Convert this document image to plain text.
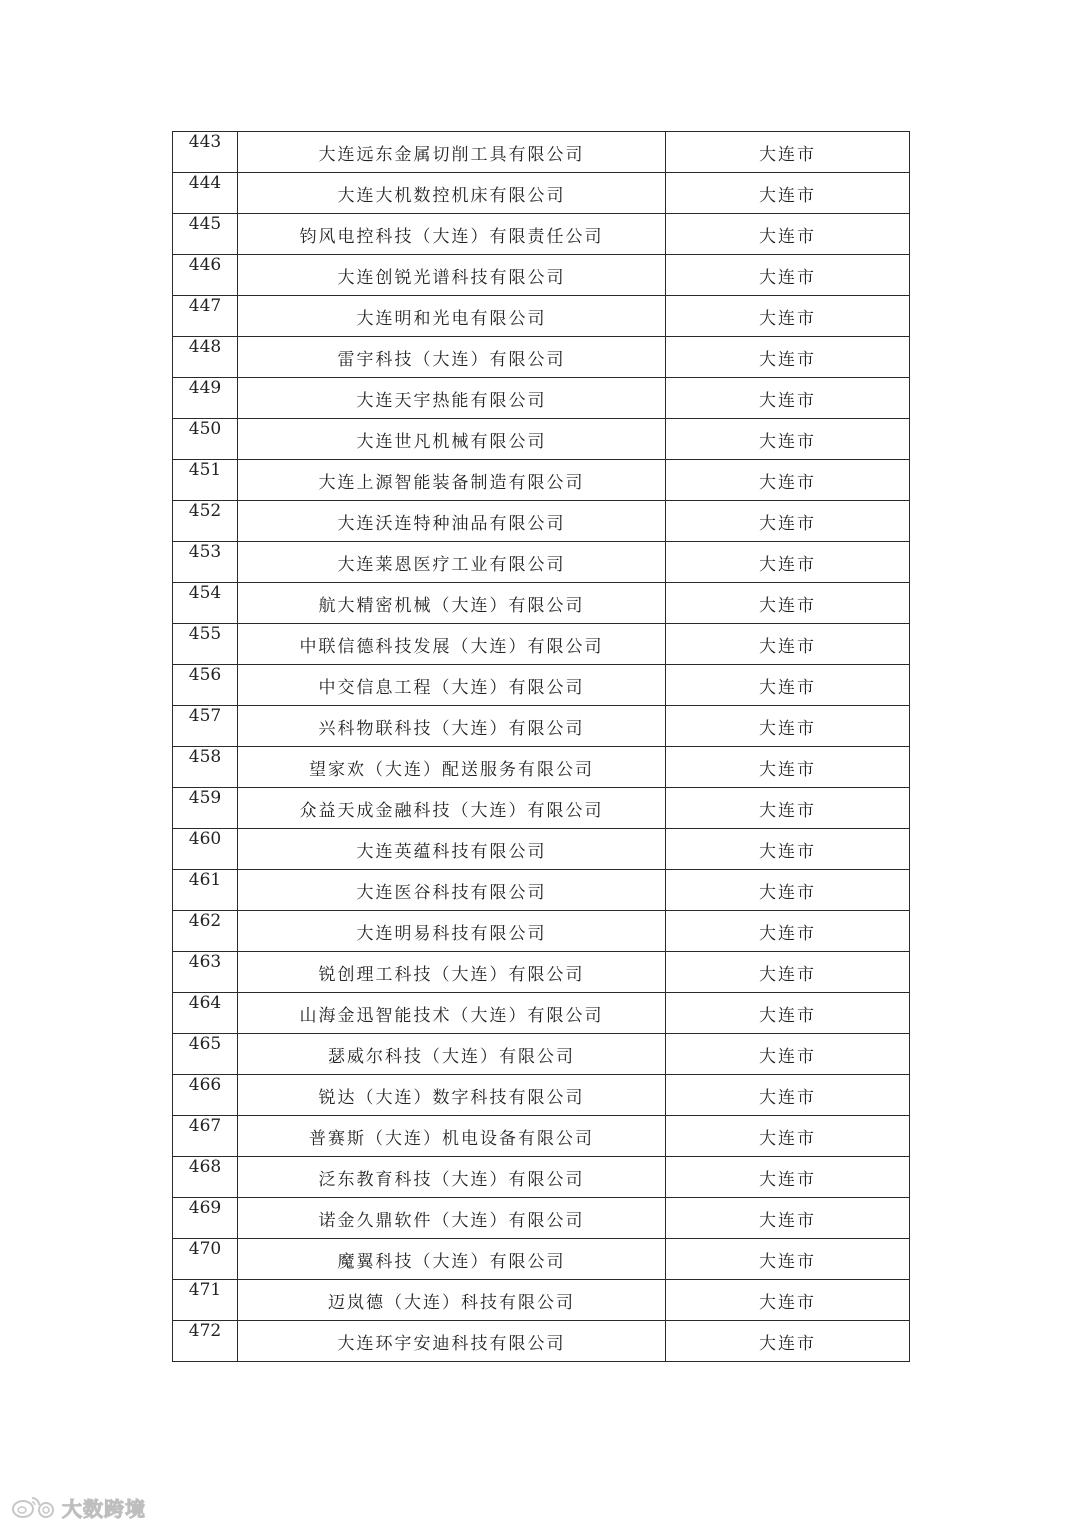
443	大连远东金属切削工具有限公司	大连市
444	大连大机数控机床有限公司	大连市
445	钧风电控科技（大连）有限责任公司	大连市
446	大连创锐光谱科技有限公司	大连市
447	大连明和光电有限公司	大连市
448	雷宇科技（大连）有限公司	大连市
449	大连天宇热能有限公司	大连市
450	大连世凡机械有限公司	大连市
451	大连上源智能装备制造有限公司	大连市
452	大连沃连特种油品有限公司	大连市
453	大连莱恩医疗工业有限公司	大连市
454	航大精密机械（大连）有限公司	大连市
455	中联信德科技发展（大连）有限公司	大连市
456	中交信息工程（大连）有限公司	大连市
457	兴科物联科技（大连）有限公司	大连市
458	望家欢（大连）配送服务有限公司	大连市
459	众益天成金融科技（大连）有限公司	大连市
460	大连英蕴科技有限公司	大连市
461	大连医谷科技有限公司	大连市
462	大连明易科技有限公司	大连市
463	锐创理工科技（大连）有限公司	大连市
464	山海金迅智能技术（大连）有限公司	大连市
465	瑟威尔科技（大连）有限公司	大连市
466	锐达（大连）数字科技有限公司	大连市
467	普赛斯（大连）机电设备有限公司	大连市
468	泛东教育科技（大连）有限公司	大连市
469	诺金久鼎软件（大连）有限公司	大连市
470	魔翼科技（大连）有限公司	大连市
471	迈岚德（大连）科技有限公司	大连市
472	大连环宇安迪科技有限公司	大连市
大数跨境
